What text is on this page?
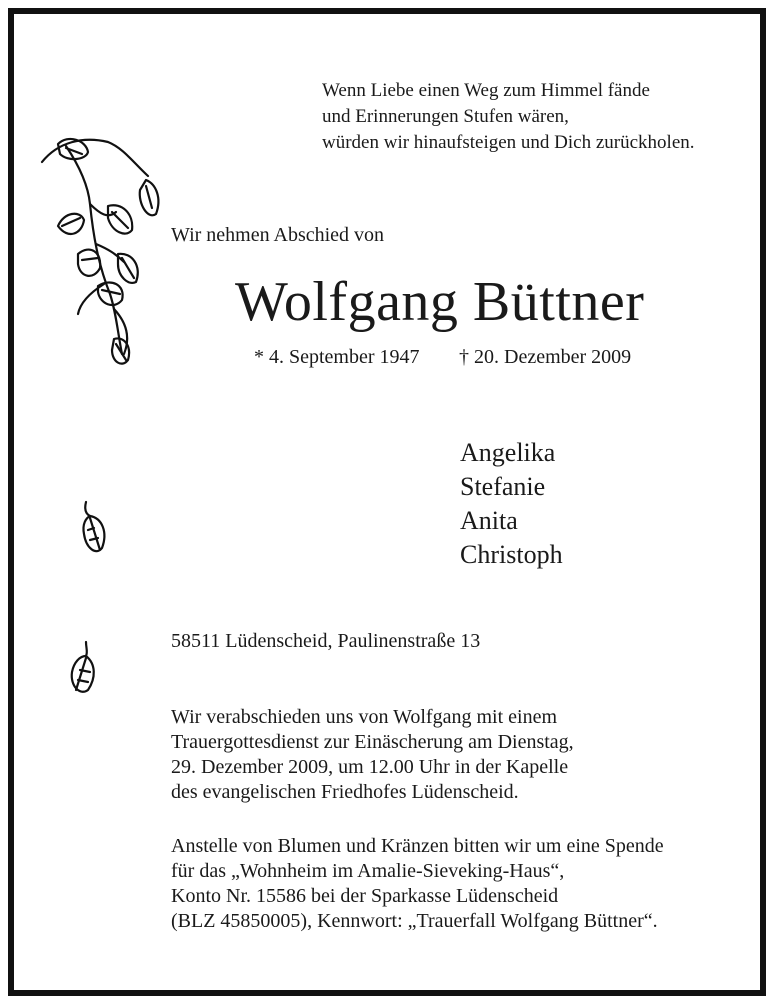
Wenn Liebe einen Weg zum Himmel fände
und Erinnerungen Stufen wären,
würden wir hinaufsteigen und Dich zurückholen.
Wir nehmen Abschied von
Wolfgang Büttner
* 4. September 1947 † 20. Dezember 2009
Angelika
Stefanie
Anita
Christoph
58511 Lüdenscheid, Paulinenstraße 13
Wir verabschieden uns von Wolfgang mit einem
Trauergottesdienst zur Einäscherung am Dienstag,
29. Dezember 2009, um 12.00 Uhr in der Kapelle
des evangelischen Friedhofes Lüdenscheid.
Anstelle von Blumen und Kränzen bitten wir um eine Spende
für das „Wohnheim im Amalie-Sieveking-Haus“,
Konto Nr. 15586 bei der Sparkasse Lüdenscheid
(BLZ 45850005), Kennwort: „Trauerfall Wolfgang Büttner“.
